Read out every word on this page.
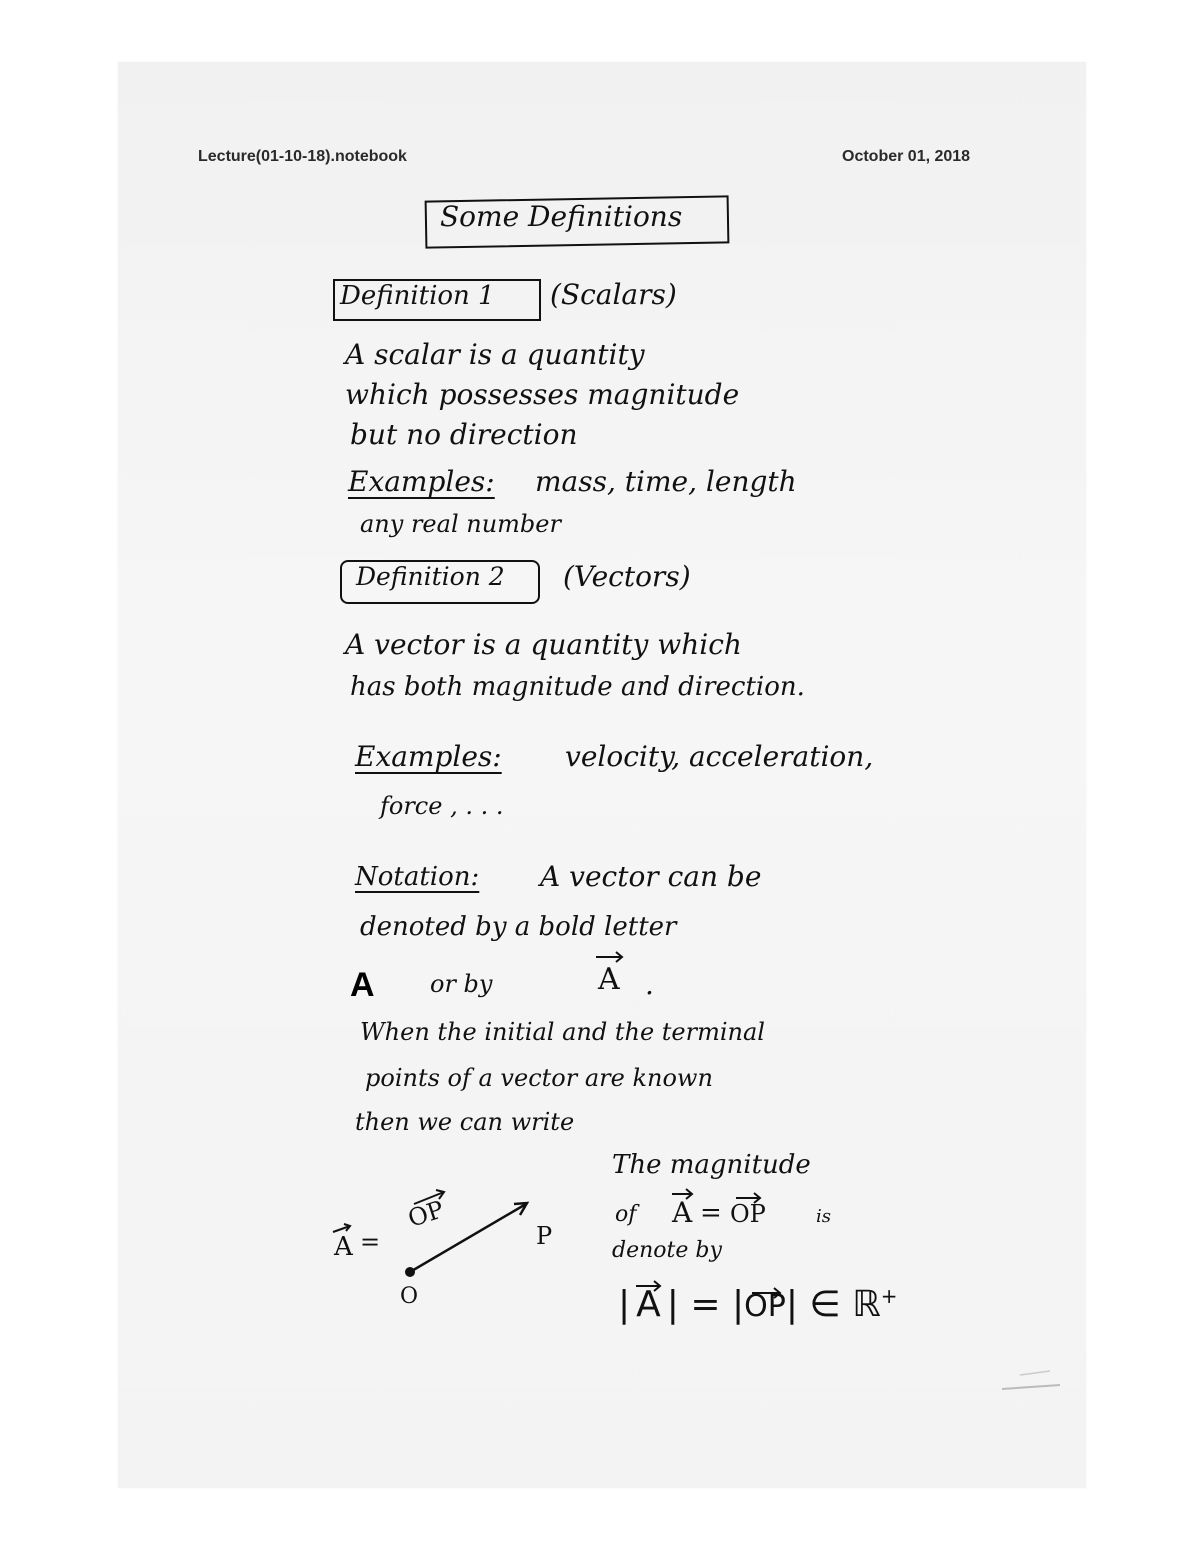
Lecture(01-10-18).notebook	October 01, 2018
Some Definitions
Definition 1 (Scalars)
A scalar is a quantity
which possesses magnitude
but no direction
Examples: mass, time, length
any real number
Definition 2 (Vectors)
A vector is a quantity which
has both magnitude and direction.
Examples: velocity, acceleration,
force , . . .
Notation: A vector can be
denoted by a bold letter
A or by	A .
When the initial and the terminal
points of a vector are known
then we can write
A =
OP
O
P
The magnitude
of A = OP	is
denote by
| A | = |OP
| ∈ ℝ+
